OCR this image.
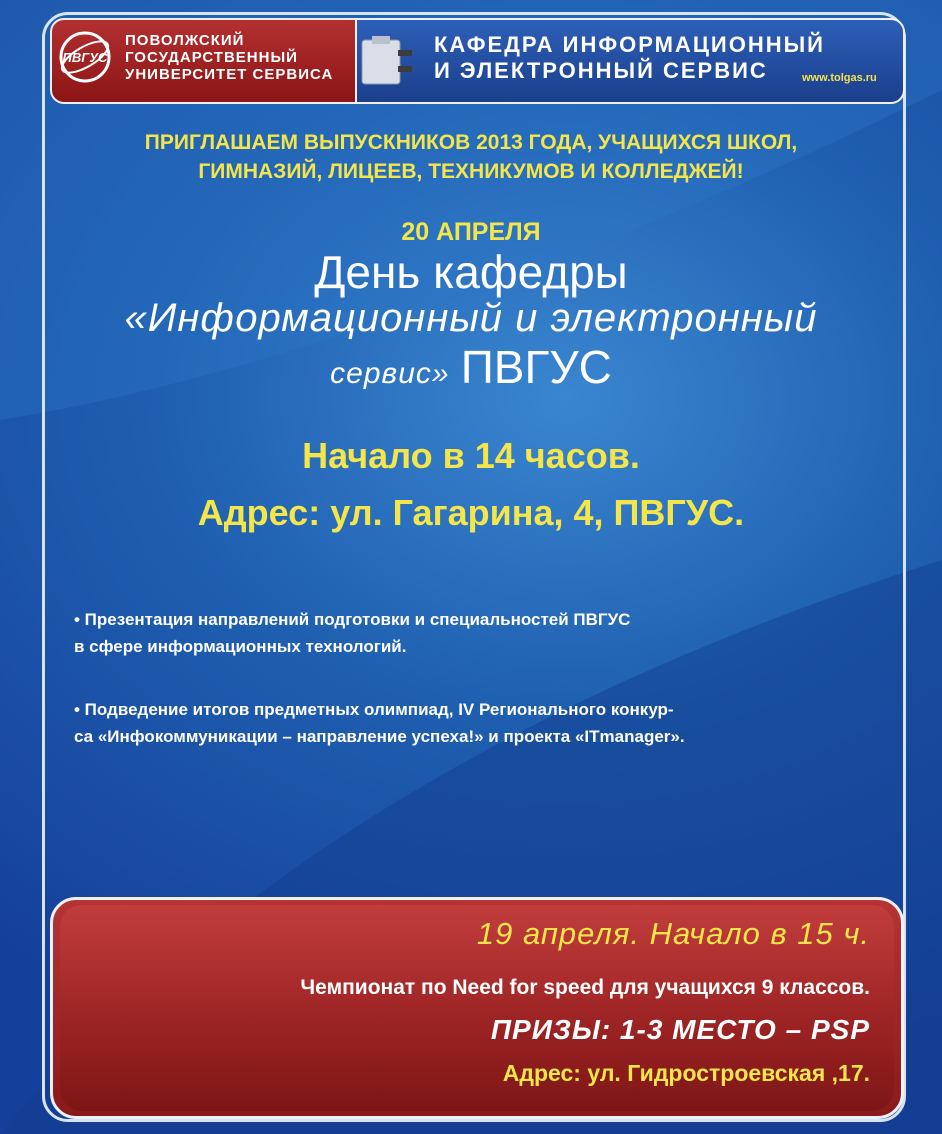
ПВГУС
ПОВОЛЖСКИЙ
ГОСУДАРСТВЕННЫЙ
УНИВЕРСИТЕТ СЕРВИСА
КАФЕДРА ИНФОРМАЦИОННЫЙ
И ЭЛЕКТРОННЫЙ СЕРВИС	www.tolgas.ru
ПРИГЛАШАЕМ ВЫПУСКНИКОВ 2013 ГОДА, УЧАЩИХСЯ ШКОЛ,
ГИМНАЗИЙ, ЛИЦЕЕВ, ТЕХНИКУМОВ И КОЛЛЕДЖЕЙ!
20 АПРЕЛЯ
День кафедры
«Информационный и электронный
сервис» ПВГУС
Начало в 14 часов.
Адрес: ул. Гагарина, 4, ПВГУС.
• Презентация направлений подготовки и специальностей ПВГУС
в сфере информационных технологий.
• Подведение итогов предметных олимпиад, IV Регионального конкур-
са «Инфокоммуникации – направление успеха!» и проекта «ITmanager».
19 апреля. Начало в 15 ч.
Чемпионат по Need for speed для учащихся 9 классов.
ПРИЗЫ: 1-3 МЕСТО – PSP
Адрес: ул. Гидростроевская ,17.
